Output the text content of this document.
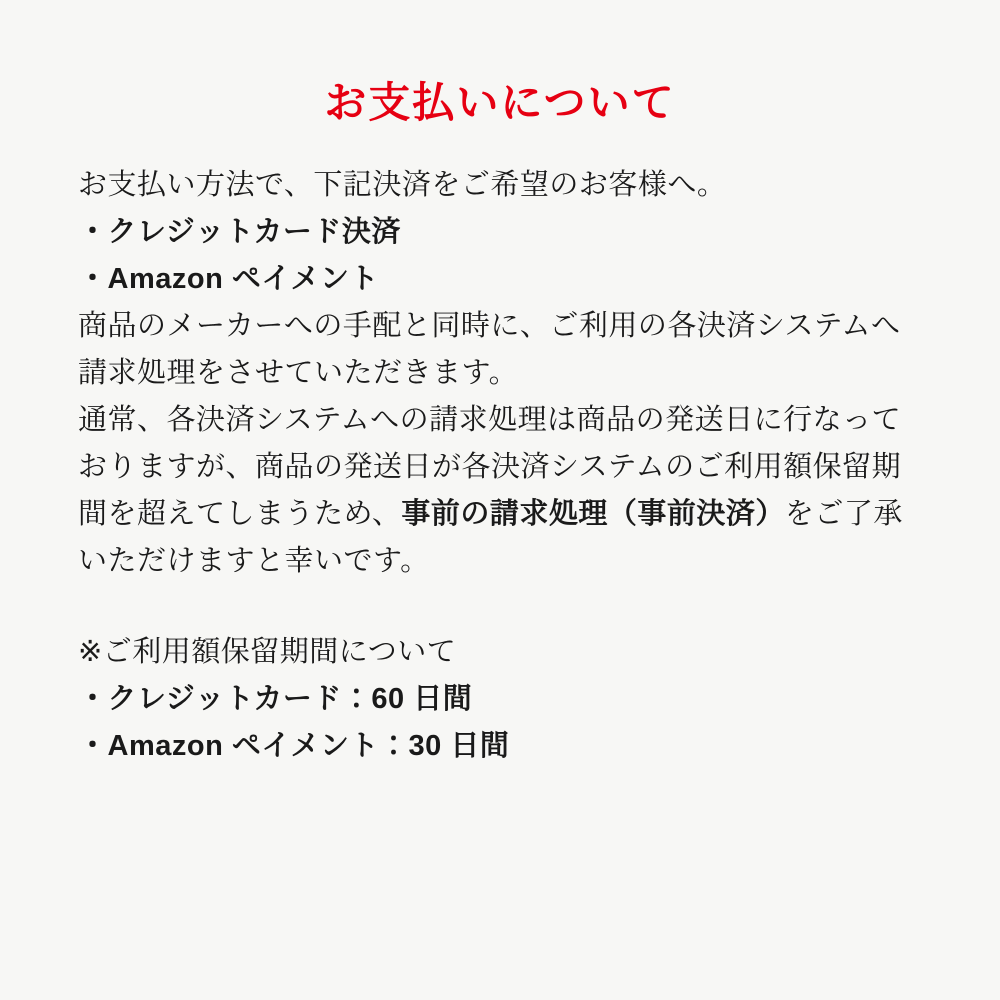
お支払いについて

お支払い方法で、下記決済をご希望のお客様へ。

・クレジットカード決済

・Amazon ペイメント

商品のメーカーへの手配と同時に、ご利用の各決済システムへ請求処理をさせていただきます。

通常、各決済システムへの請求処理は商品の発送日に行なっておりますが、商品の発送日が各決済システムのご利用額保留期間を超えてしまうため、事前の請求処理（事前決済）をご了承いただけますと幸いです。

※ご利用額保留期間について

・クレジットカード：60 日間

・Amazon ペイメント：30 日間
